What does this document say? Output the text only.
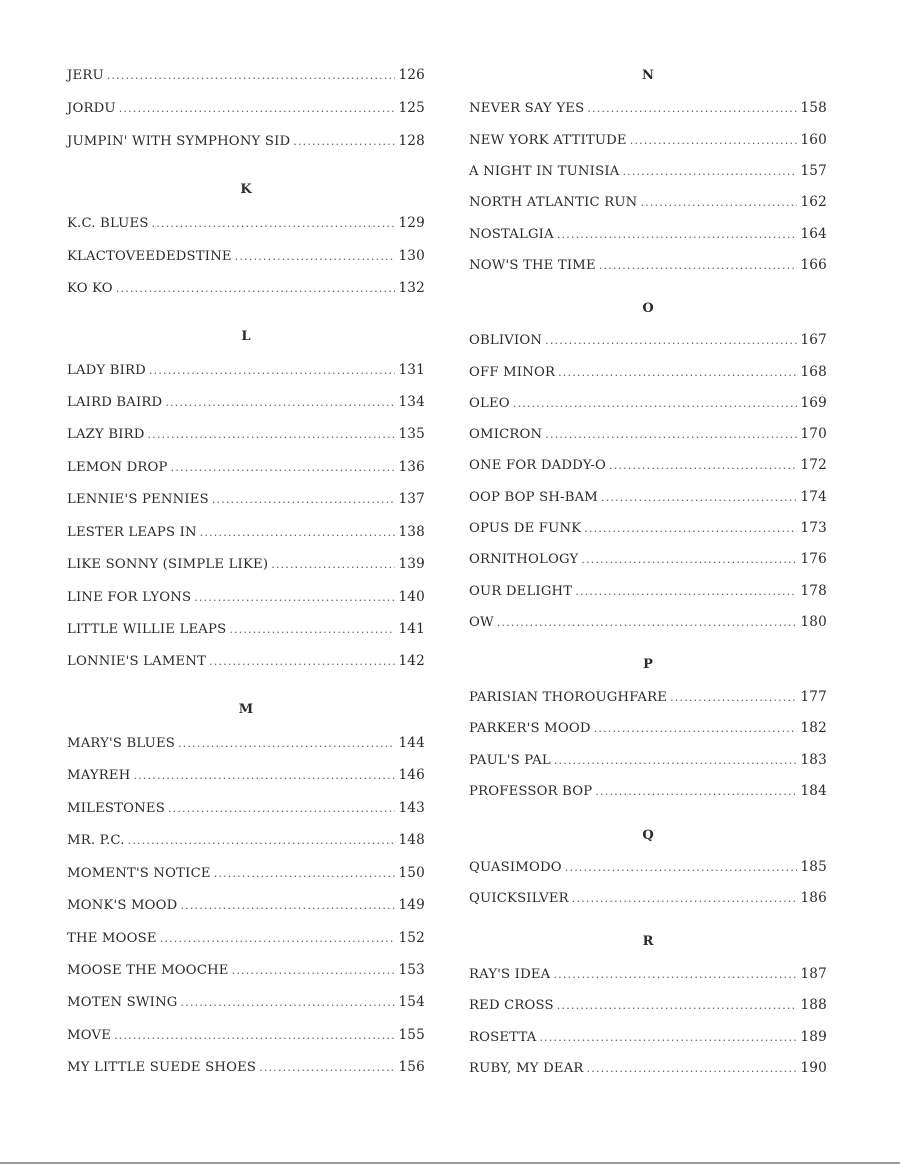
JERU .....	126
JORDU .....	125
JUMPIN' WITH SYMPHONY SID .....	128
K
K.C. BLUES .....	129
KLACTOVEEDEDSTINE .....	130
KO KO .....	132
L
LADY BIRD .....	131
LAIRD BAIRD .....	134
LAZY BIRD .....	135
LEMON DROP .....	136
LENNIE'S PENNIES .....	137
LESTER LEAPS IN .....	138
LIKE SONNY (SIMPLE LIKE) .....	139
LINE FOR LYONS .....	140
LITTLE WILLIE LEAPS .....	141
LONNIE'S LAMENT .....	142
M
MARY'S BLUES .....	144
MAYREH .....	146
MILESTONES .....	143
MR. P.C. .....	148
MOMENT'S NOTICE .....	150
MONK'S MOOD .....	149
THE MOOSE .....	152
MOOSE THE MOOCHE .....	153
MOTEN SWING .....	154
MOVE .....	155
MY LITTLE SUEDE SHOES .....	156
N
NEVER SAY YES .....	158
NEW YORK ATTITUDE .....	160
A NIGHT IN TUNISIA .....	157
NORTH ATLANTIC RUN .....	162
NOSTALGIA .....	164
NOW'S THE TIME .....	166
O
OBLIVION .....	167
OFF MINOR .....	168
OLEO .....	169
OMICRON .....	170
ONE FOR DADDY-O .....	172
OOP BOP SH-BAM .....	174
OPUS DE FUNK .....	173
ORNITHOLOGY .....	176
OUR DELIGHT .....	178
OW .....	180
P
PARISIAN THOROUGHFARE .....	177
PARKER'S MOOD .....	182
PAUL'S PAL .....	183
PROFESSOR BOP .....	184
Q
QUASIMODO .....	185
QUICKSILVER .....	186
R
RAY'S IDEA .....	187
RED CROSS .....	188
ROSETTA .....	189
RUBY, MY DEAR .....	190
